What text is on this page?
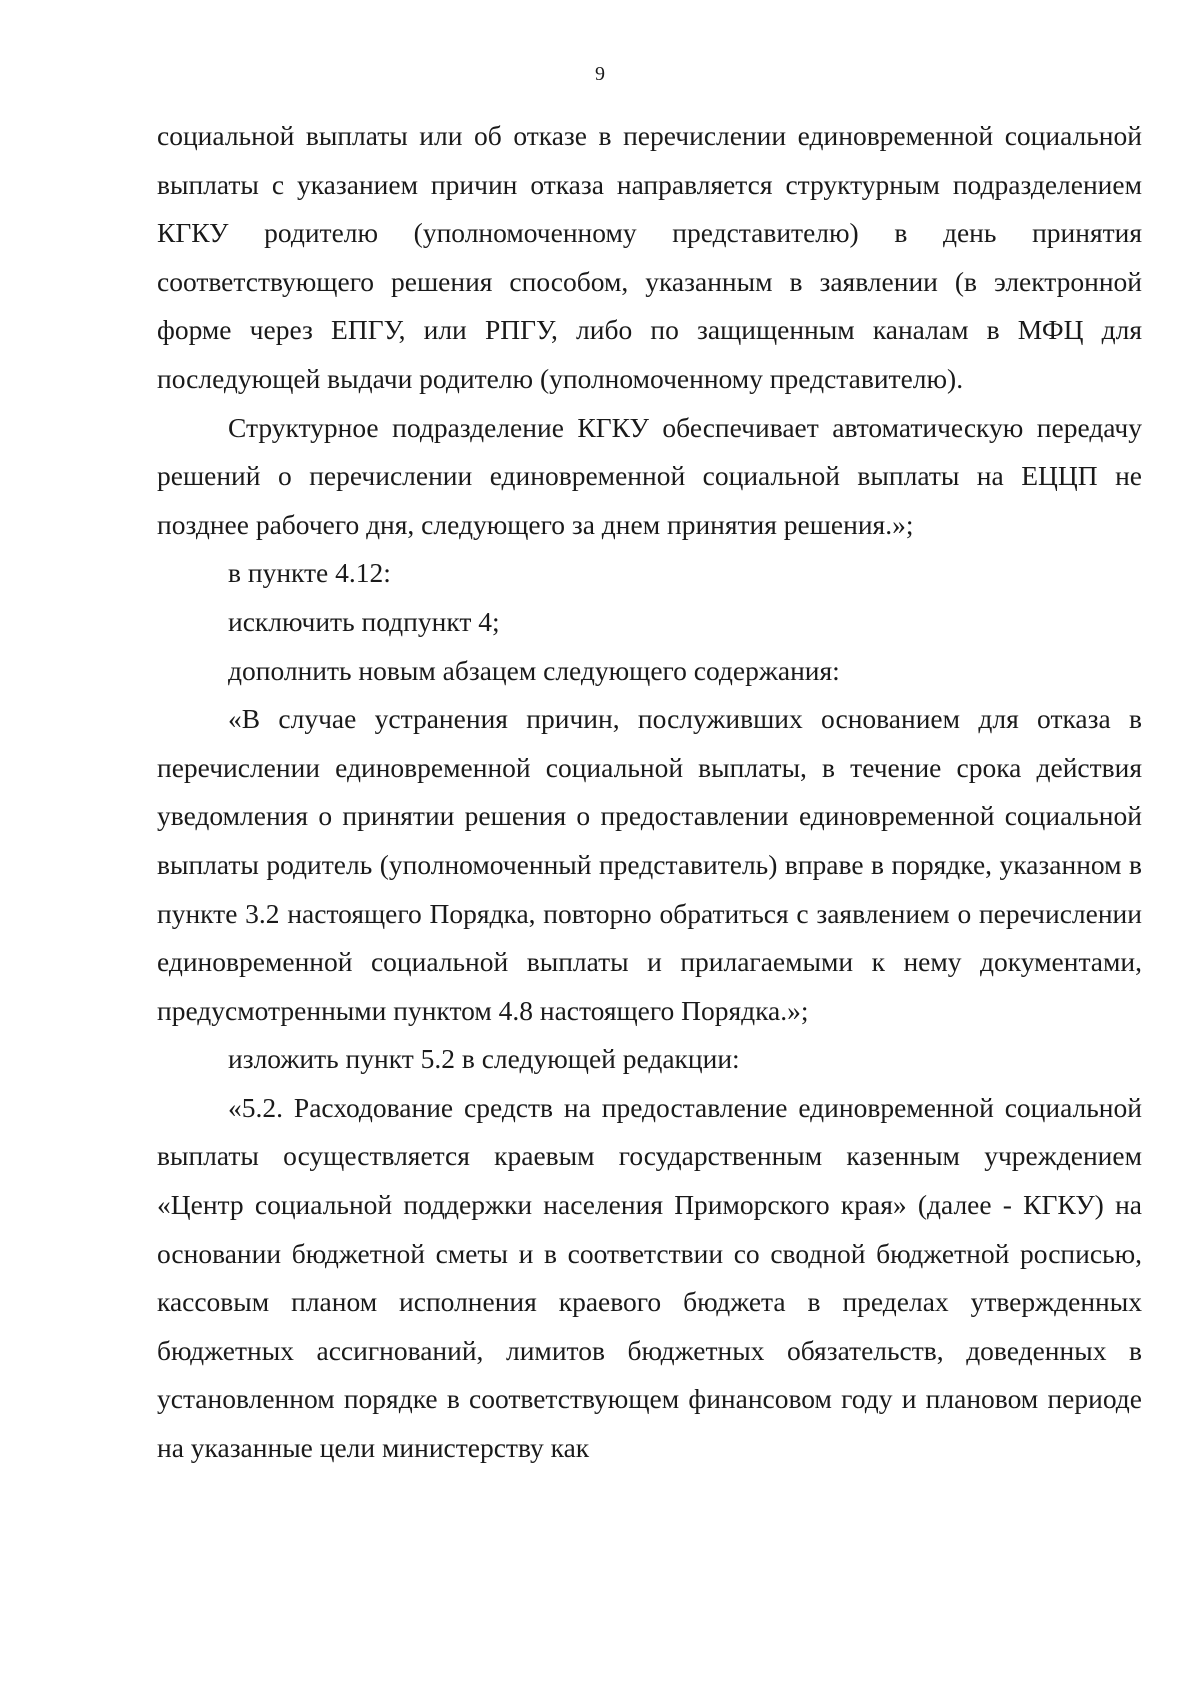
9

социальной выплаты или об отказе в перечислении единовременной социальной выплаты с указанием причин отказа направляется структурным подразделением КГКУ родителю (уполномоченному представителю) в день принятия соответствующего решения способом, указанным в заявлении (в электронной форме через ЕПГУ, или РПГУ, либо по защищенным каналам в МФЦ для последующей выдачи родителю (уполномоченному представителю).

Структурное подразделение КГКУ обеспечивает автоматическую передачу решений о перечислении единовременной социальной выплаты на ЕЦЦП не позднее рабочего дня, следующего за днем принятия решения.»;

в пункте 4.12:

исключить подпункт 4;

дополнить новым абзацем следующего содержания:

«В случае устранения причин, послуживших основанием для отказа в перечислении единовременной социальной выплаты, в течение срока действия уведомления о принятии решения о предоставлении единовременной социальной выплаты родитель (уполномоченный представитель) вправе в порядке, указанном в пункте 3.2 настоящего Порядка, повторно обратиться с заявлением о перечислении единовременной социальной выплаты и прилагаемыми к нему документами, предусмотренными пунктом 4.8 настоящего Порядка.»;

изложить пункт 5.2 в следующей редакции:

«5.2. Расходование средств на предоставление единовременной социальной выплаты осуществляется краевым государственным казенным учреждением «Центр социальной поддержки населения Приморского края» (далее - КГКУ) на основании бюджетной сметы и в соответствии со сводной бюджетной росписью, кассовым планом исполнения краевого бюджета в пределах утвержденных бюджетных ассигнований, лимитов бюджетных обязательств, доведенных в установленном порядке в соответствующем финансовом году и плановом периоде на указанные цели министерству как
